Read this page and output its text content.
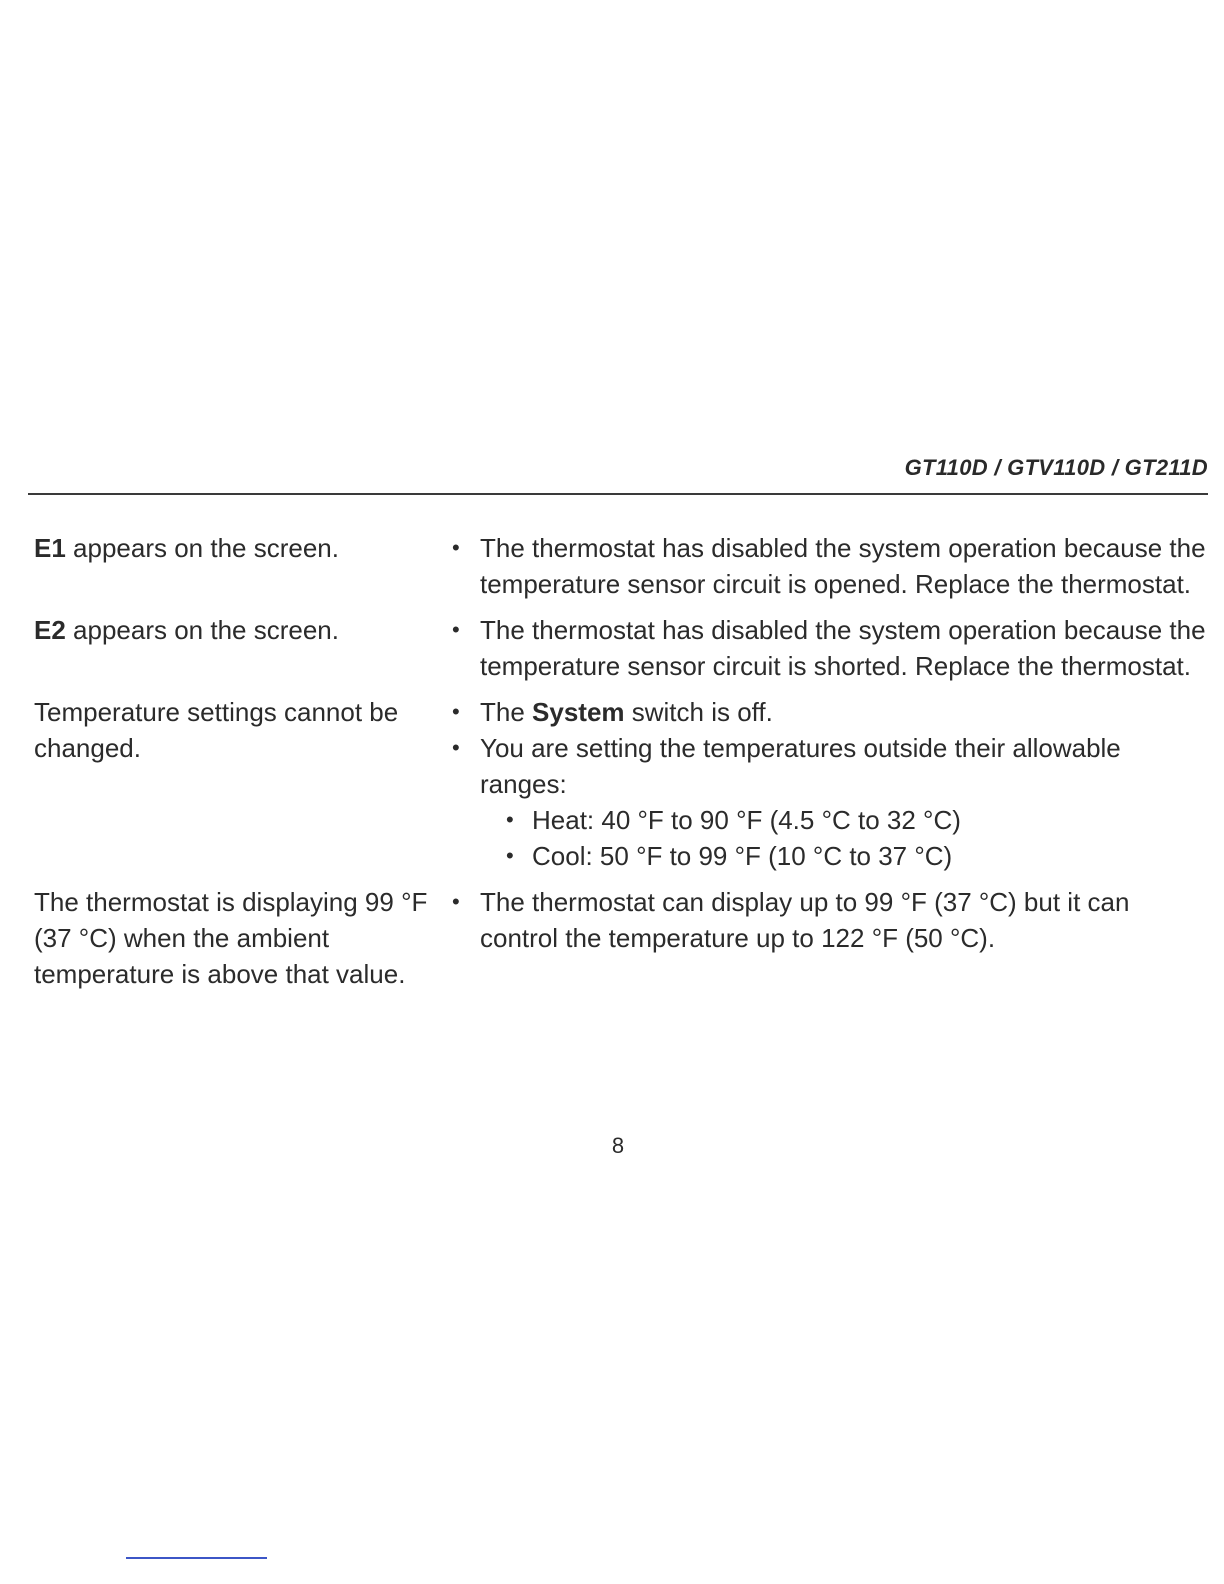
GT110D / GTV110D / GT211D
E1 appears on the screen.	• The thermostat has disabled the system operation because the temperature sensor circuit is opened. Replace the thermostat.
E2 appears on the screen.	• The thermostat has disabled the system operation because the temperature sensor circuit is shorted. Replace the thermostat.
Temperature settings cannot be changed.
• The System switch is off.
• You are setting the temperatures outside their allowable ranges:
• Heat: 40 °F to 90 °F (4.5 °C to 32 °C)
• Cool: 50 °F to 99 °F (10 °C to 37 °C)
The thermostat is displaying 99 °F (37 °C) when the ambient temperature is above that value.
• The thermostat can display up to 99 °F (37 °C) but it can control the temperature up to 122 °F (50 °C).
8
